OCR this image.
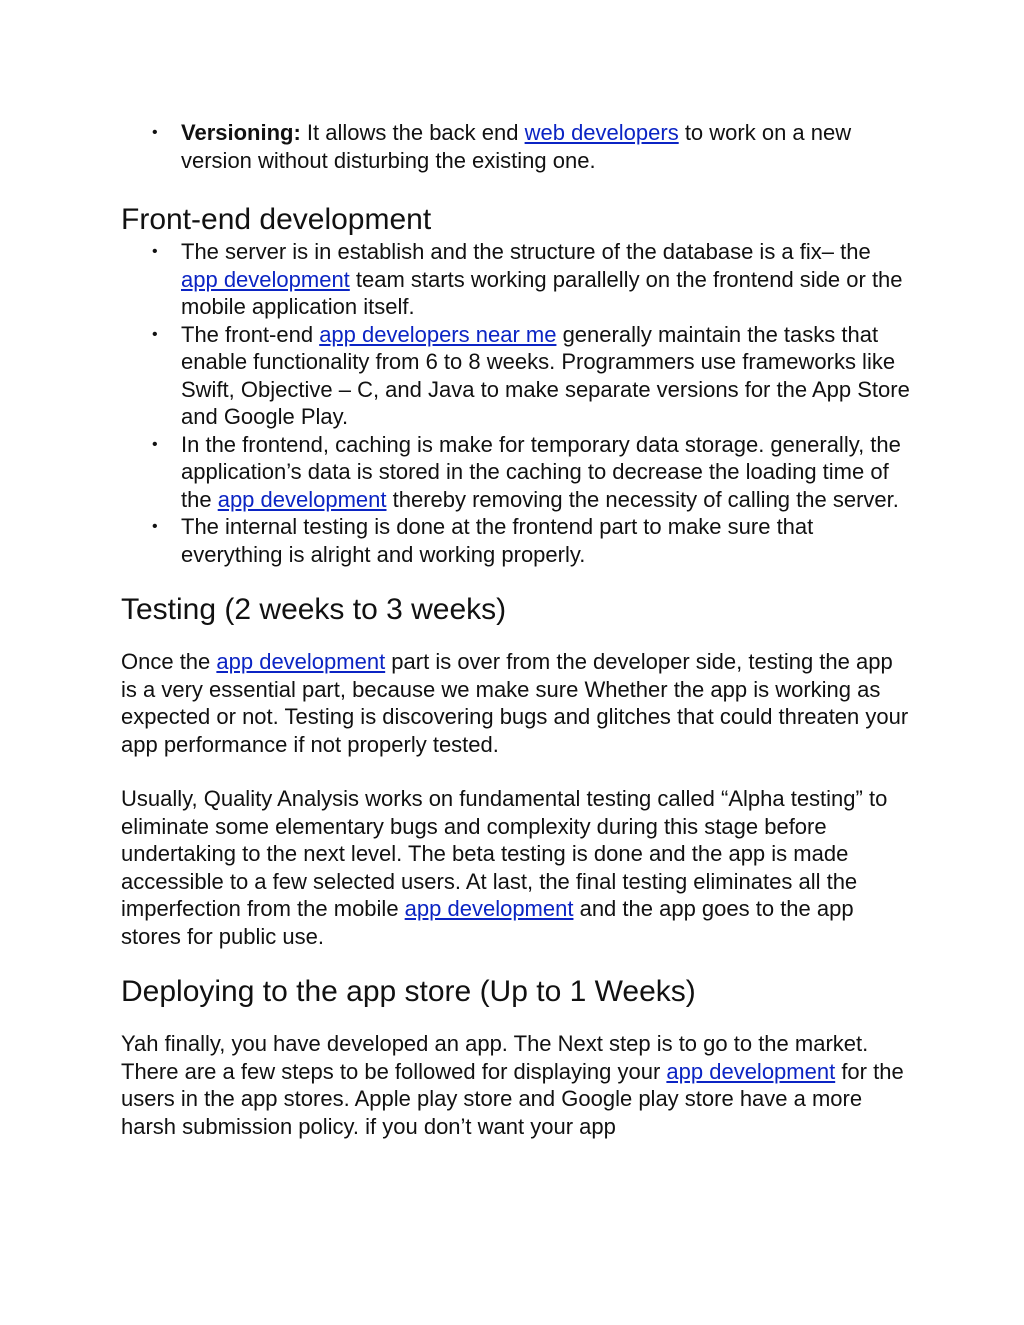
• Versioning: It allows the back end web developers to work on a new version without disturbing the existing one.
Front-end development
• The server is in establish and the structure of the database is a fix– the app development team starts working parallelly on the frontend side or the mobile application itself.
• The front-end app developers near me generally maintain the tasks that enable functionality from 6 to 8 weeks. Programmers use frameworks like Swift, Objective – C, and Java to make separate versions for the App Store and Google Play.
• In the frontend, caching is make for temporary data storage. generally, the application’s data is stored in the caching to decrease the loading time of the app development thereby removing the necessity of calling the server.
• The internal testing is done at the frontend part to make sure that everything is alright and working properly.
Testing (2 weeks to 3 weeks)

Once the app development part is over from the developer side, testing the app is a very essential part, because we make sure Whether the app is working as expected or not. Testing is discovering bugs and glitches that could threaten your app performance if not properly tested.

Usually, Quality Analysis works on fundamental testing called “Alpha testing” to eliminate some elementary bugs and complexity during this stage before undertaking to the next level. The beta testing is done and the app is made accessible to a few selected users. At last, the final testing eliminates all the imperfection from the mobile app development and the app goes to the app stores for public use.

Deploying to the app store (Up to 1 Weeks)

Yah finally, you have developed an app. The Next step is to go to the market. There are a few steps to be followed for displaying your app development for the users in the app stores. Apple play store and Google play store have a more harsh submission policy. if you don’t want your app
